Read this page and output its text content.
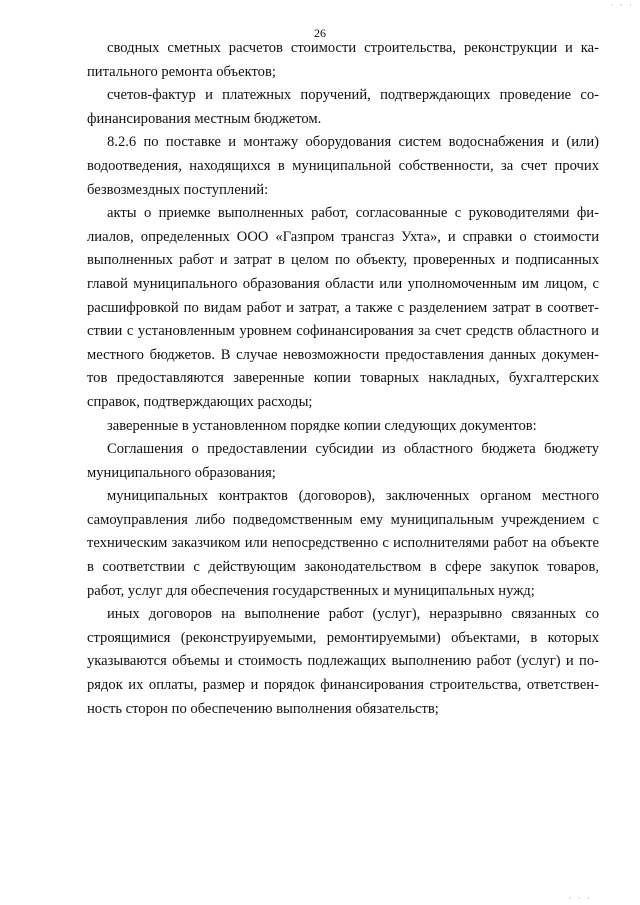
· · ·
26

сводных сметных расчетов стоимости строительства, реконструкции и капитального ремонта объектов;

счетов-фактур и платежных поручений, подтверждающих проведение софинансирования местным бюджетом.

8.2.6 по поставке и монтажу оборудования систем водоснабжения и (или) водоотведения, находящихся в муниципальной собственности, за счет прочих безвозмездных поступлений:

акты о приемке выполненных работ, согласованные с руководителями филиалов, определенных ООО «Газпром трансгаз Ухта», и справки о стоимости выполненных работ и затрат в целом по объекту, проверенных и подписанных главой муниципального образования области или уполномоченным им лицом, с расшифровкой по видам работ и затрат, а также с разделением затрат в соответствии с установленным уровнем софинансирования за счет средств областного и местного бюджетов. В случае невозможности предоставления данных документов предоставляются заверенные копии товарных накладных, бухгалтерских справок, подтверждающих расходы;

заверенные в установленном порядке копии следующих документов:

Соглашения о предоставлении субсидии из областного бюджета бюджету муниципального образования;

муниципальных контрактов (договоров), заключенных органом местного самоуправления либо подведомственным ему муниципальным учреждением с техническим заказчиком или непосредственно с исполнителями работ на объекте в соответствии с действующим законодательством в сфере закупок товаров, работ, услуг для обеспечения государственных и муниципальных нужд;

иных договоров на выполнение работ (услуг), неразрывно связанных со строящимися (реконструируемыми, ремонтируемыми) объектами, в которых указываются объемы и стоимость подлежащих выполнению работ (услуг) и порядок их оплаты, размер и порядок финансирования строительства, ответственность сторон по обеспечению выполнения обязательств;

· · ·
